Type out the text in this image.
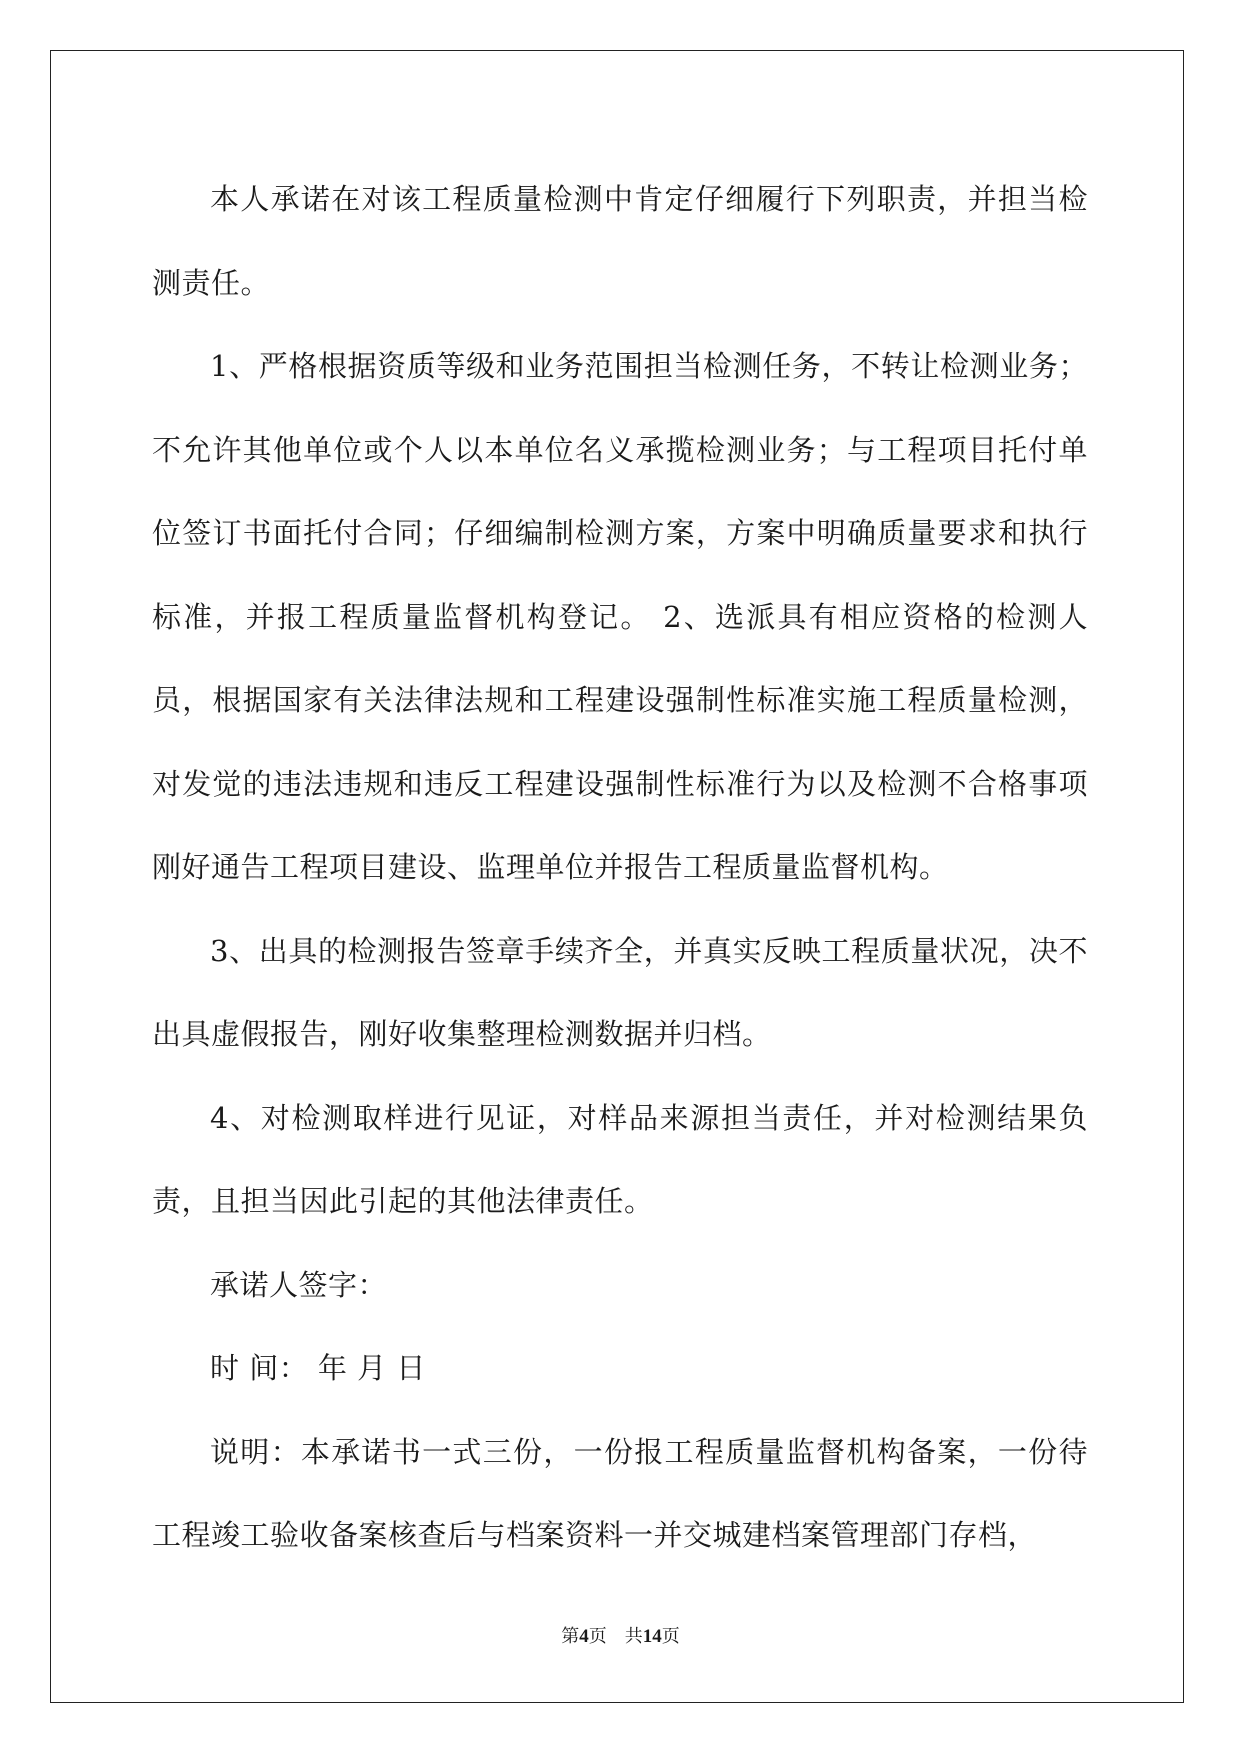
本人承诺在对该工程质量检测中肯定仔细履行下列职责，并担当检测责任。

1、严格根据资质等级和业务范围担当检测任务，不转让检测业务；不允许其他单位或个人以本单位名义承揽检测业务；与工程项目托付单位签订书面托付合同；仔细编制检测方案，方案中明确质量要求和执行标准，并报工程质量监督机构登记。 2、选派具有相应资格的检测人员，根据国家有关法律法规和工程建设强制性标准实施工程质量检测，对发觉的违法违规和违反工程建设强制性标准行为以及检测不合格事项刚好通告工程项目建设、监理单位并报告工程质量监督机构。

3、出具的检测报告签章手续齐全，并真实反映工程质量状况，决不出具虚假报告，刚好收集整理检测数据并归档。

4、对检测取样进行见证，对样品来源担当责任，并对检测结果负责，且担当因此引起的其他法律责任。

承诺人签字：

时 间： 年 月 日

说明：本承诺书一式三份，一份报工程质量监督机构备案，一份待工程竣工验收备案核查后与档案资料一并交城建档案管理部门存档，

第4页 共14页
